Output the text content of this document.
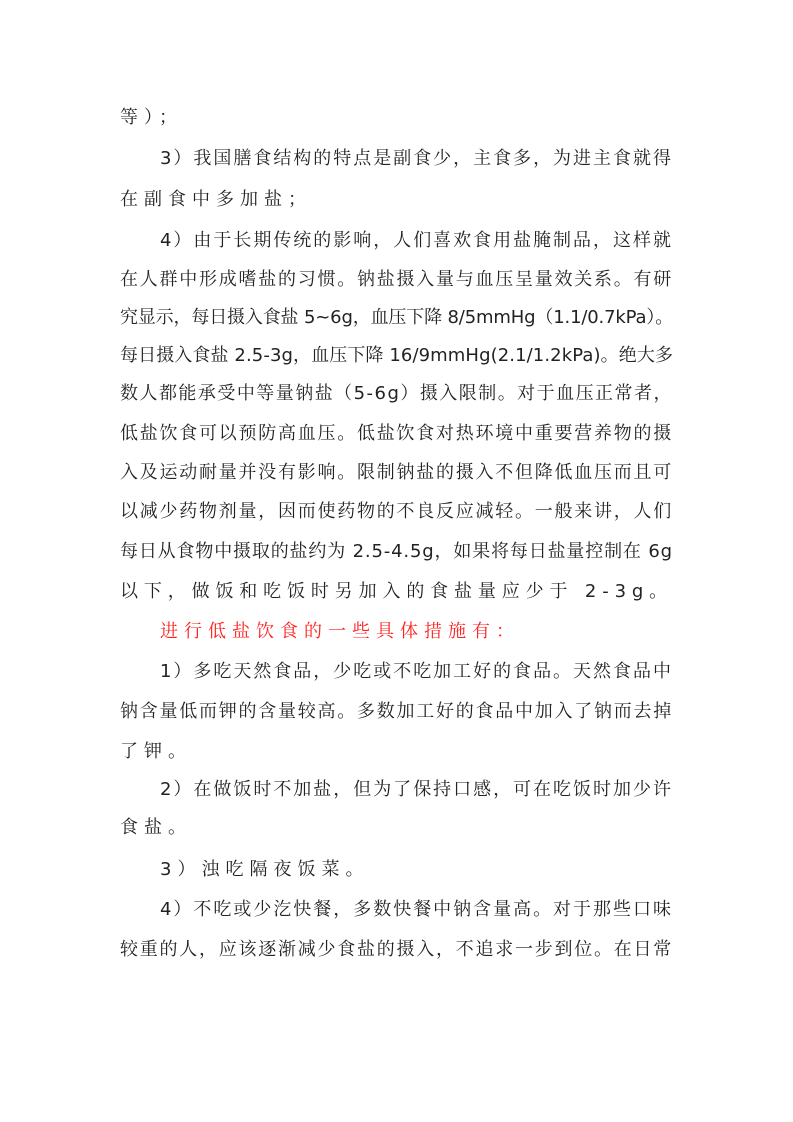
等）；
3）我国膳食结构的特点是副食少，主食多，为进主食就得
在副食中多加盐；
4）由于长期传统的影响，人们喜欢食用盐腌制品，这样就
在人群中形成嗜盐的习惯。钠盐摄入量与血压呈量效关系。有研
究显示，每日摄入食盐 5~6g，血压下降 8/5mmHg（1.1/0.7kPa）。
每日摄入食盐 2.5-3g，血压下降 16/9mmHg(2.1/1.2kPa)。绝大多
数人都能承受中等量钠盐（5-6g）摄入限制。对于血压正常者，
低盐饮食可以预防高血压。低盐饮食对热环境中重要营养物的摄
入及运动耐量并没有影响。限制钠盐的摄入不但降低血压而且可
以减少药物剂量，因而使药物的不良反应减轻。一般来讲，人们
每日从食物中摄取的盐约为 2.5-4.5g，如果将每日盐量控制在 6g
以下，做饭和吃饭时另加入的食盐量应少于 2-3g。
进行低盐饮食的一些具体措施有：
1）多吃天然食品，少吃或不吃加工好的食品。天然食品中
钠含量低而钾的含量较高。多数加工好的食品中加入了钠而去掉
了钾。
2）在做饭时不加盐，但为了保持口感，可在吃饭时加少许
食盐。
3）浊吃隔夜饭菜。
4）不吃或少汔快餐，多数快餐中钠含量高。对于那些口味
较重的人，应该逐渐减少食盐的摄入，不追求一步到位。在日常
